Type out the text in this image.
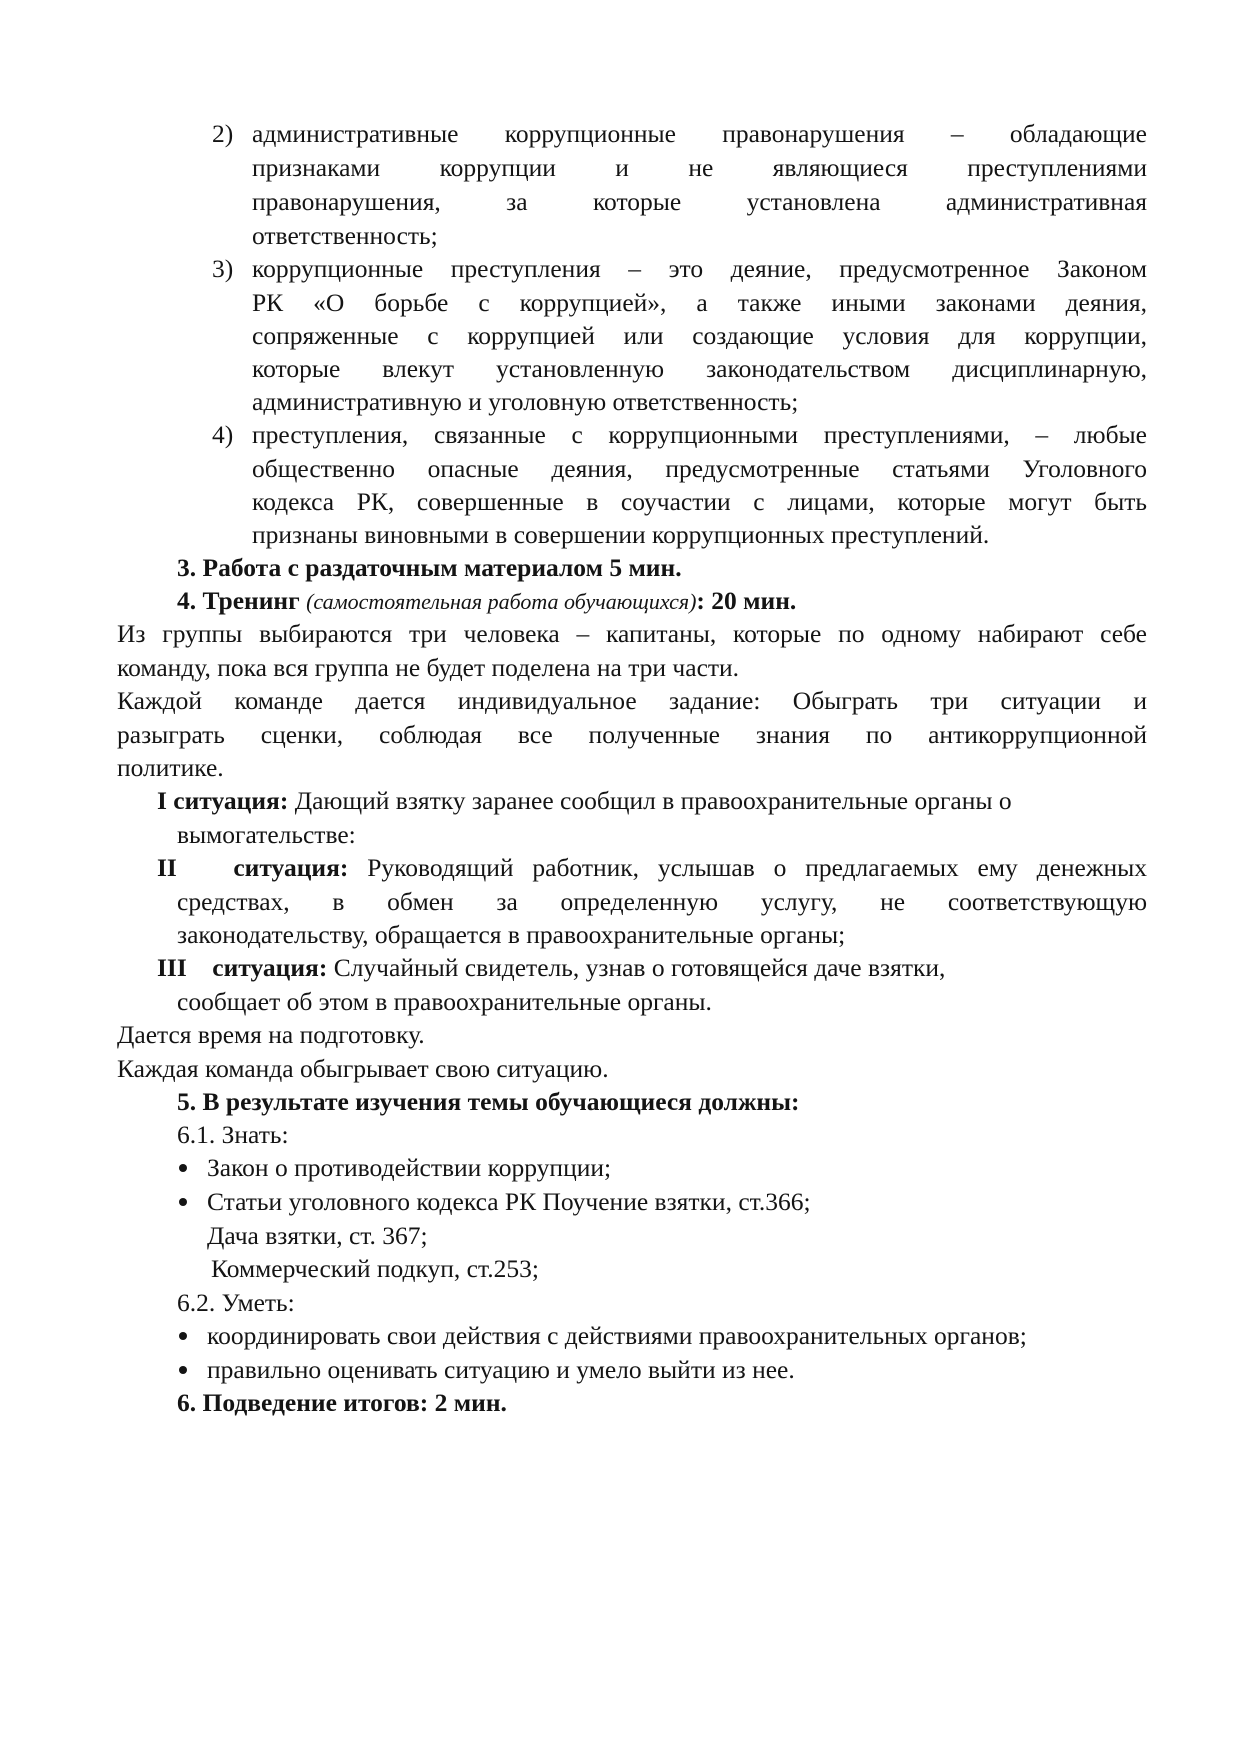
2) административные коррупционные правонарушения – обладающие
признаками коррупции и не являющиеся преступлениями
правонарушения, за которые установлена административная
ответственность;
3) коррупционные преступления – это деяние, предусмотренное Законом
РК «О борьбе с коррупцией», а также иными законами деяния,
сопряженные с коррупцией или создающие условия для коррупции,
которые влекут установленную законодательством дисциплинарную,
административную и уголовную ответственность;
4) преступления, связанные с коррупционными преступлениями, – любые
общественно опасные деяния, предусмотренные статьями Уголовного
кодекса РК, совершенные в соучастии с лицами, которые могут быть
признаны виновными в совершении коррупционных преступлений.
3. Работа с раздаточным материалом 5 мин.
4. Тренинг (самостоятельная работа обучающихся): 20 мин.
Из группы выбираются три человека – капитаны, которые по одному набирают себе
команду, пока вся группа не будет поделена на три части.
Каждой команде дается индивидуальное задание: Обыграть три ситуации и
разыграть сценки, соблюдая все полученные знания по антикоррупционной
политике.
I ситуация: Дающий взятку заранее сообщил в правоохранительные органы о
вымогательстве:
II   ситуация: Руководящий работник, услышав о предлагаемых ему денежных
средствах, в обмен за определенную услугу, не соответствующую
законодательству, обращается в правоохранительные органы;
III    ситуация: Случайный свидетель, узнав о готовящейся даче взятки,
сообщает об этом в правоохранительные органы.
Дается время на подготовку.
Каждая команда обыгрывает свою ситуацию.
5. В результате изучения темы обучающиеся должны:
6.1. Знать:
Закон о противодействии коррупции;
Статьи уголовного кодекса РК Поучение взятки, ст.366;
Дача взятки, ст. 367;
Коммерческий подкуп, ст.253;
6.2. Уметь:
координировать свои действия с действиями правоохранительных органов;
правильно оценивать ситуацию и умело выйти из нее.
6. Подведение итогов: 2 мин.
